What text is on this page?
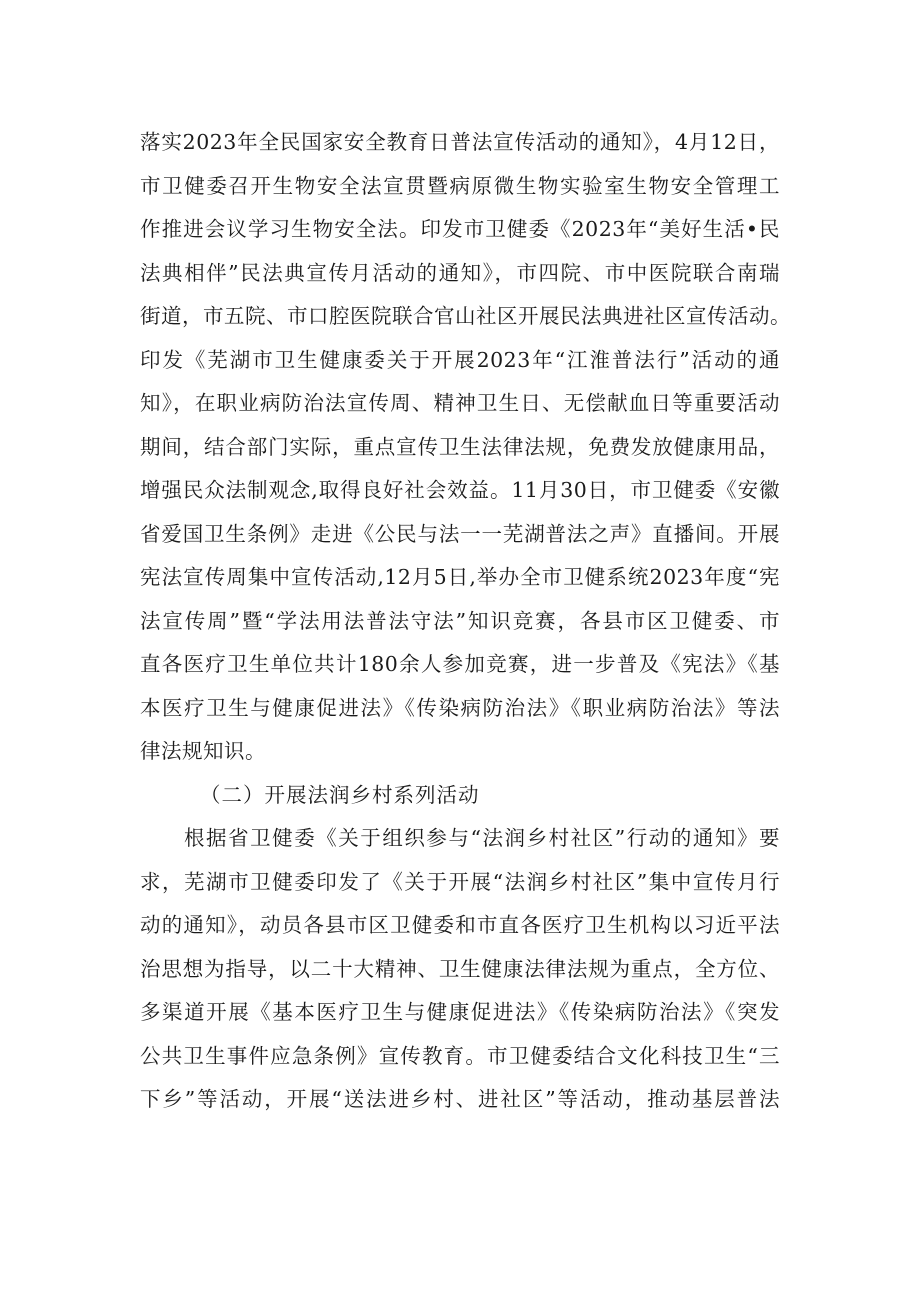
落实2023年全民国家安全教育日普法宣传活动的通知》，4月12日，
市卫健委召开生物安全法宣贯暨病原微生物实验室生物安全管理工
作推进会议学习生物安全法。印发市卫健委《2023年“美好生活•民
法典相伴”民法典宣传月活动的通知》，市四院、市中医院联合南瑞
街道，市五院、市口腔医院联合官山社区开展民法典进社区宣传活动。
印发《芜湖市卫生健康委关于开展2023年“江淮普法行”活动的通
知》，在职业病防治法宣传周、精神卫生日、无偿献血日等重要活动
期间，结合部门实际，重点宣传卫生法律法规，免费发放健康用品，
增强民众法制观念,取得良好社会效益。11月30日，市卫健委《安徽
省爱国卫生条例》走进《公民与法一一芜湖普法之声》直播间。开展
宪法宣传周集中宣传活动,12月5日,举办全市卫健系统2023年度“宪
法宣传周”暨“学法用法普法守法”知识竞赛，各县市区卫健委、市
直各医疗卫生单位共计180余人参加竞赛，进一步普及《宪法》《基
本医疗卫生与健康促进法》《传染病防治法》《职业病防治法》等法
律法规知识。
（二）开展法润乡村系列活动
根据省卫健委《关于组织参与“法润乡村社区”行动的通知》要
求，芜湖市卫健委印发了《关于开展“法润乡村社区”集中宣传月行
动的通知》，动员各县市区卫健委和市直各医疗卫生机构以习近平法
治思想为指导，以二十大精神、卫生健康法律法规为重点，全方位、
多渠道开展《基本医疗卫生与健康促进法》《传染病防治法》《突发
公共卫生事件应急条例》宣传教育。市卫健委结合文化科技卫生“三
下乡”等活动，开展“送法进乡村、进社区”等活动，推动基层普法
